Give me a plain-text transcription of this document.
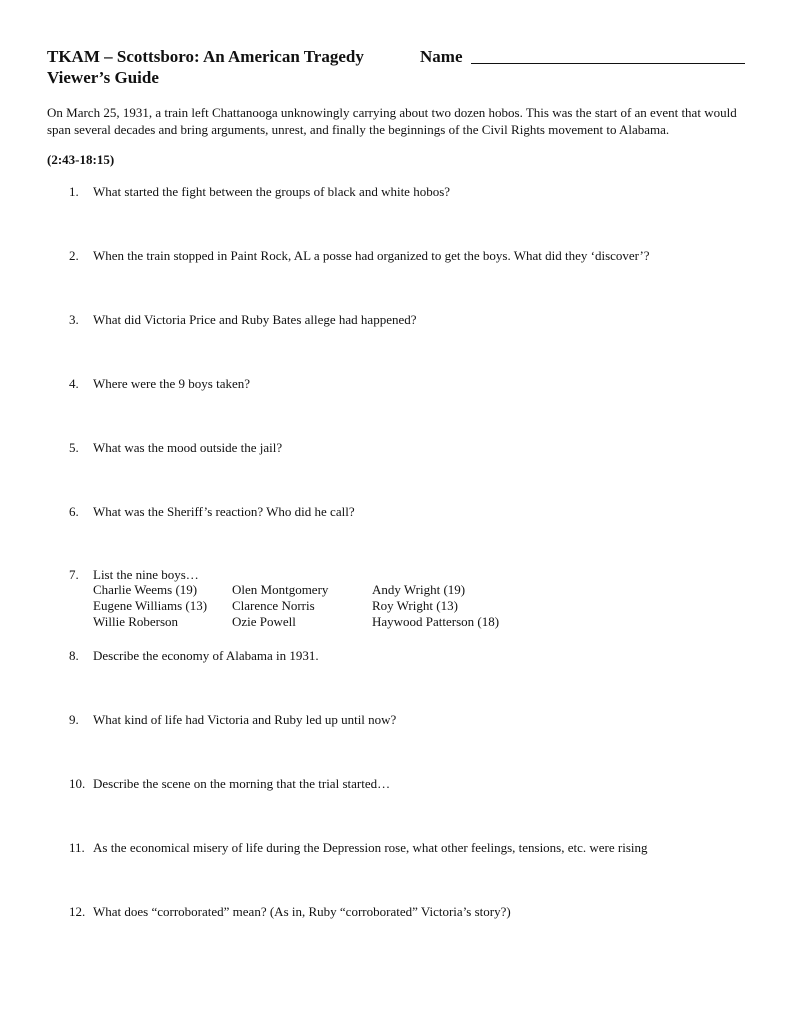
TKAM – Scottsboro: An American Tragedy	Name
Viewer’s Guide
On March 25, 1931, a train left Chattanooga unknowingly carrying about two dozen hobos. This was the start of an event that would span several decades and bring arguments, unrest, and finally the beginnings of the Civil Rights movement to Alabama.
(2:43-18:15)
1. What started the fight between the groups of black and white hobos?
2. When the train stopped in Paint Rock, AL a posse had organized to get the boys. What did they ‘discover’?
3. What did Victoria Price and Ruby Bates allege had happened?
4. Where were the 9 boys taken?
5. What was the mood outside the jail?
6. What was the Sheriff’s reaction? Who did he call?
7. List the nine boys…
Charlie Weems (19)
Eugene Williams (13)
Willie Roberson
Olen Montgomery
Clarence Norris
Ozie Powell
Andy Wright (19)
Roy Wright (13)
Haywood Patterson (18)
8. Describe the economy of Alabama in 1931.
9. What kind of life had Victoria and Ruby led up until now?
10. Describe the scene on the morning that the trial started…
11. As the economical misery of life during the Depression rose, what other feelings, tensions, etc. were rising
12. What does “corroborated” mean? (As in, Ruby “corroborated” Victoria’s story?)
